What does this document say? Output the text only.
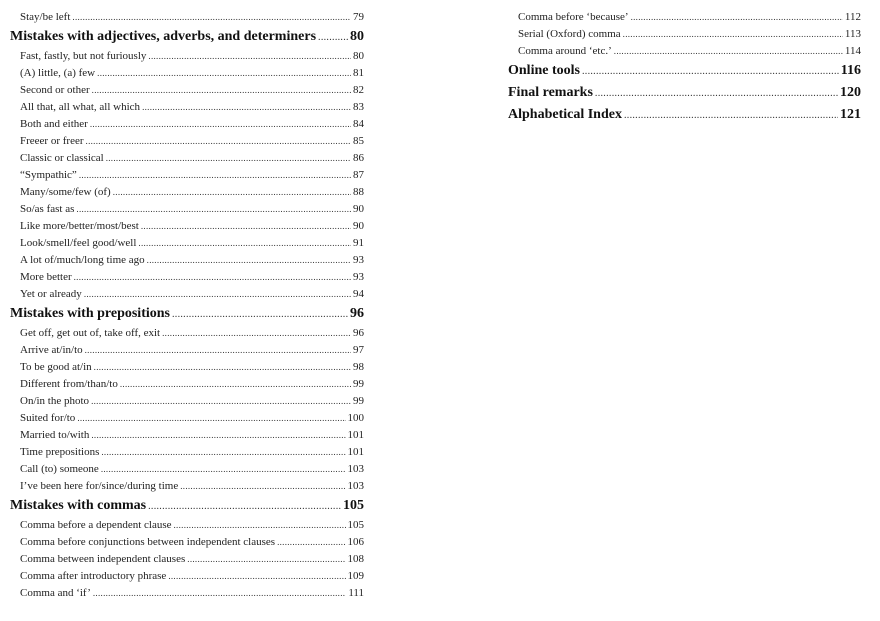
Stay/be left .....	79
Mistakes with adjectives, adverbs, and determiners ..... 80
Fast, fastly, but not furiously .....	80
(A) little, (a) few .....	81
Second or other .....	82
All that, all what, all which .....	83
Both and either .....	84
Freeer or freer .....	85
Classic or classical .....	86
“Sympathic” .....	87
Many/some/few (of) .....	88
So/as fast as .....	90
Like more/better/most/best .....	90
Look/smell/feel good/well .....	91
A lot of/much/long time ago .....	93
More better .....	93
Yet or already .....	94
Mistakes with prepositions .....	96
Get off, get out of, take off, exit .....	96
Arrive at/in/to .....	97
To be good at/in .....	98
Different from/than/to .....	99
On/in the photo .....	99
Suited for/to .....	100
Married to/with .....	101
Time prepositions .....	101
Call (to) someone .....	103
I’ve been here for/since/during time .....	103
Mistakes with commas .....	105
Comma before a dependent clause .....	105
Comma before conjunctions between independent clauses .....	106
Comma between independent clauses .....	108
Comma after introductory phrase .....	109
Comma and ‘if’ .....	111
Comma before ‘because’ .....	112
Serial (Oxford) comma .....	113
Comma around ‘etc.’ .....	114
Online tools .....	116
Final remarks .....	120
Alphabetical Index .....	121
